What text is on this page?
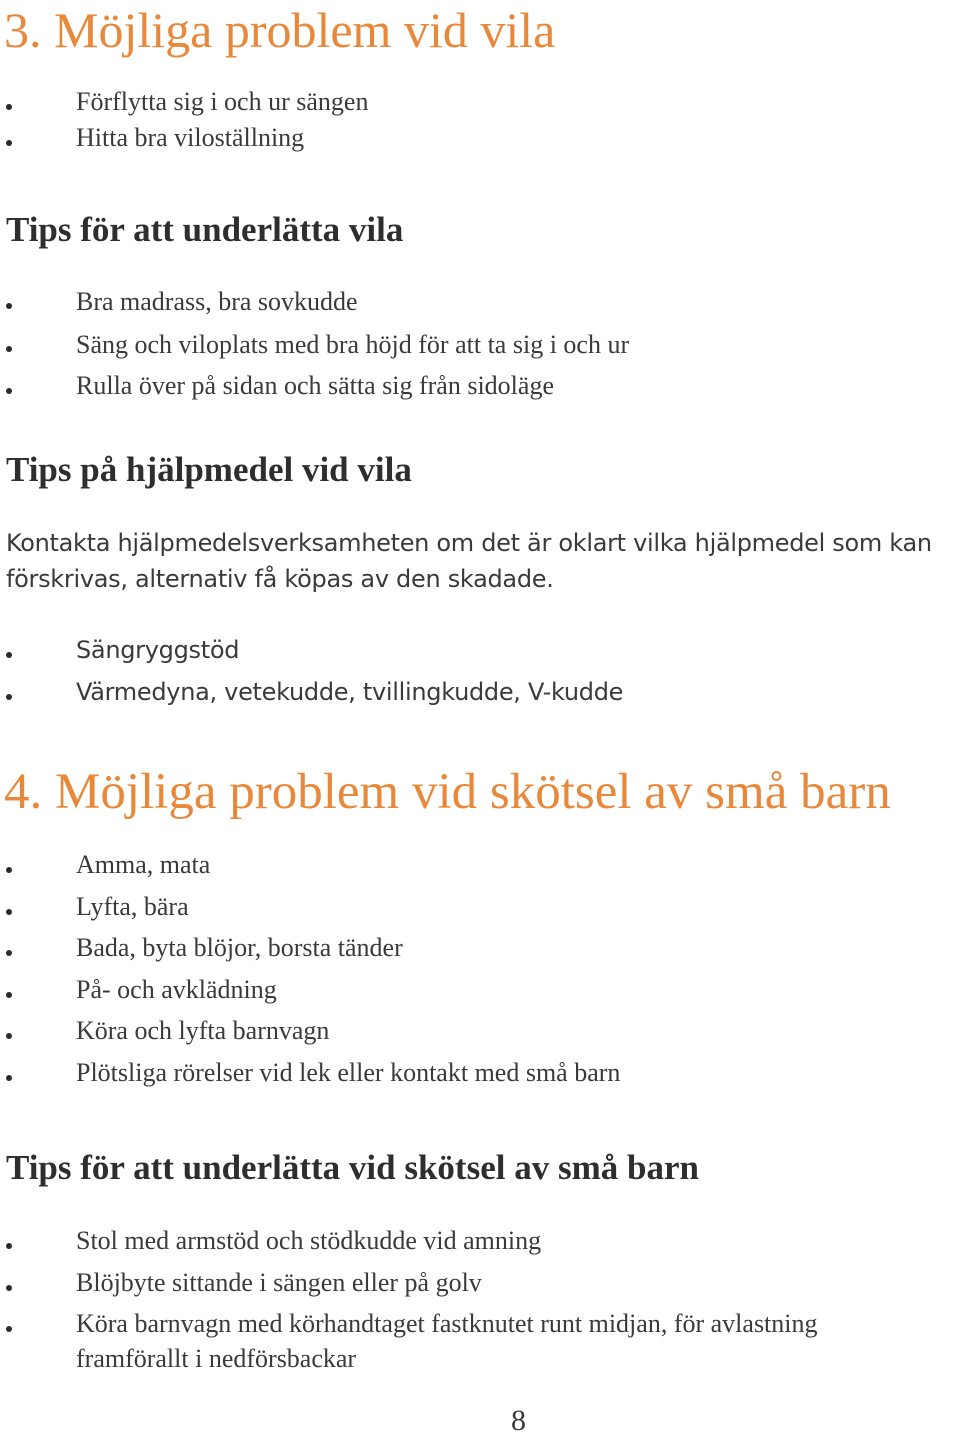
3. Möjliga problem vid vila
Förflytta sig i och ur sängen
Hitta bra viloställning
Tips för att underlätta vila
Bra madrass, bra sovkudde
Säng och viloplats med bra höjd för att ta sig i och ur
Rulla över på sidan och sätta sig från sidoläge
Tips på hjälpmedel vid vila
Kontakta hjälpmedelsverksamheten om det är oklart vilka hjälpmedel som kan
förskrivas, alternativ få köpas av den skadade.
Sängryggstöd
Värmedyna, vetekudde, tvillingkudde, V-kudde
4. Möjliga problem vid skötsel av små barn
Amma, mata
Lyfta, bära
Bada, byta blöjor, borsta tänder
På- och avklädning
Köra och lyfta barnvagn
Plötsliga rörelser vid lek eller kontakt med små barn
Tips för att underlätta vid skötsel av små barn
Stol med armstöd och stödkudde vid amning
Blöjbyte sittande i sängen eller på golv
Köra barnvagn med körhandtaget fastknutet runt midjan, för avlastning
framförallt i nedförsbackar
8
